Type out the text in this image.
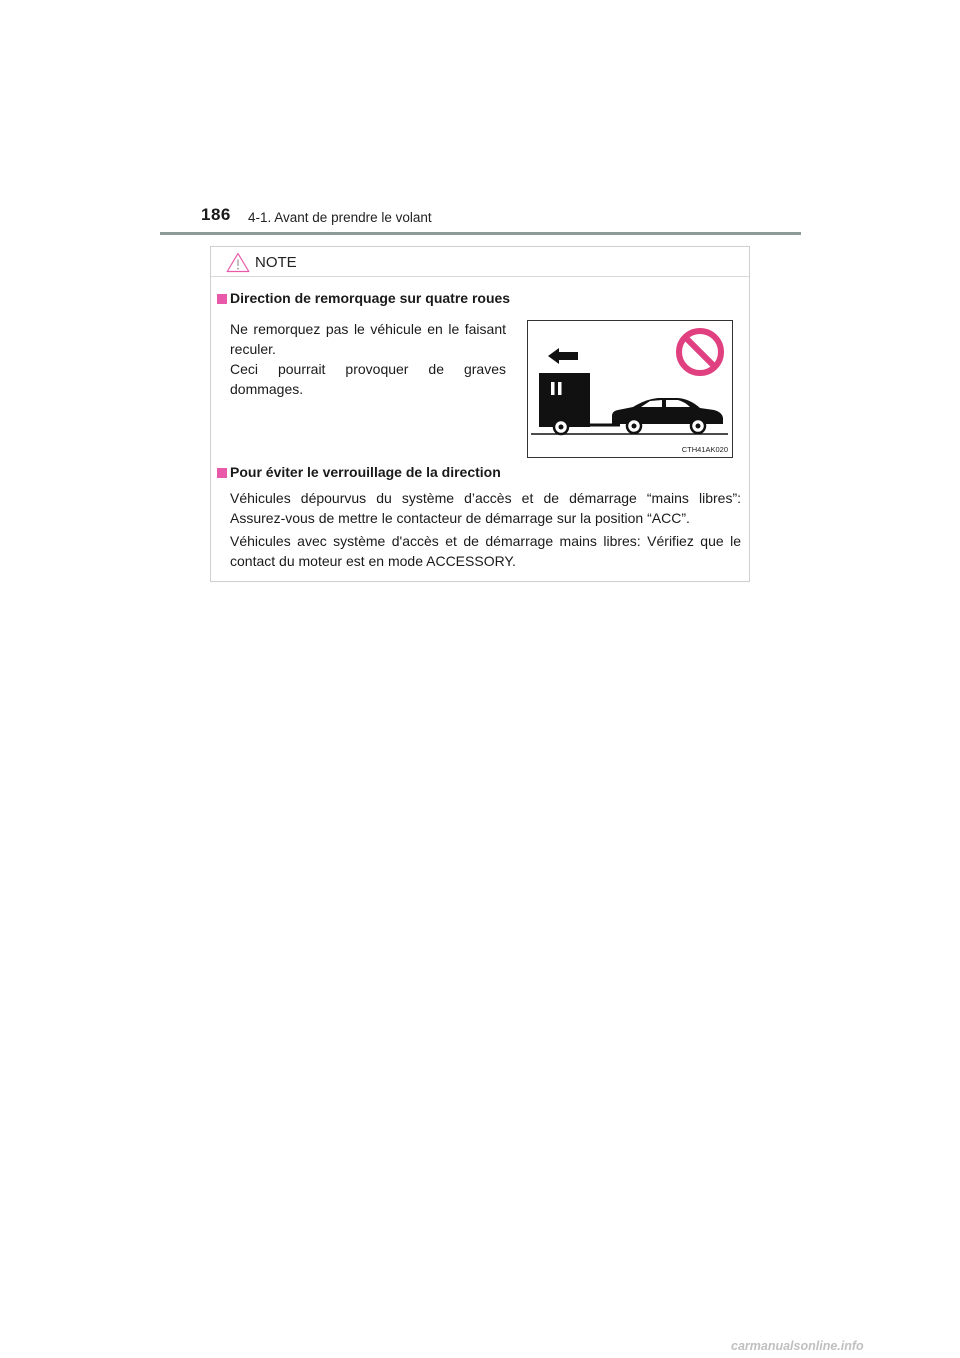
186 4-1. Avant de prendre le volant
NOTE
Direction de remorquage sur quatre roues

Ne remorquez pas le véhicule en le faisant reculer.

Ceci pourrait provoquer de graves dommages.

CTH41AK020
Pour éviter le verrouillage de la direction

Véhicules dépourvus du système d’accès et de démarrage “mains libres”: Assurez-vous de mettre le contacteur de démarrage sur la position “ACC”.

Véhicules avec système d'accès et de démarrage mains libres: Vérifiez que le contact du moteur est en mode ACCESSORY.

carmanualsonline.info
